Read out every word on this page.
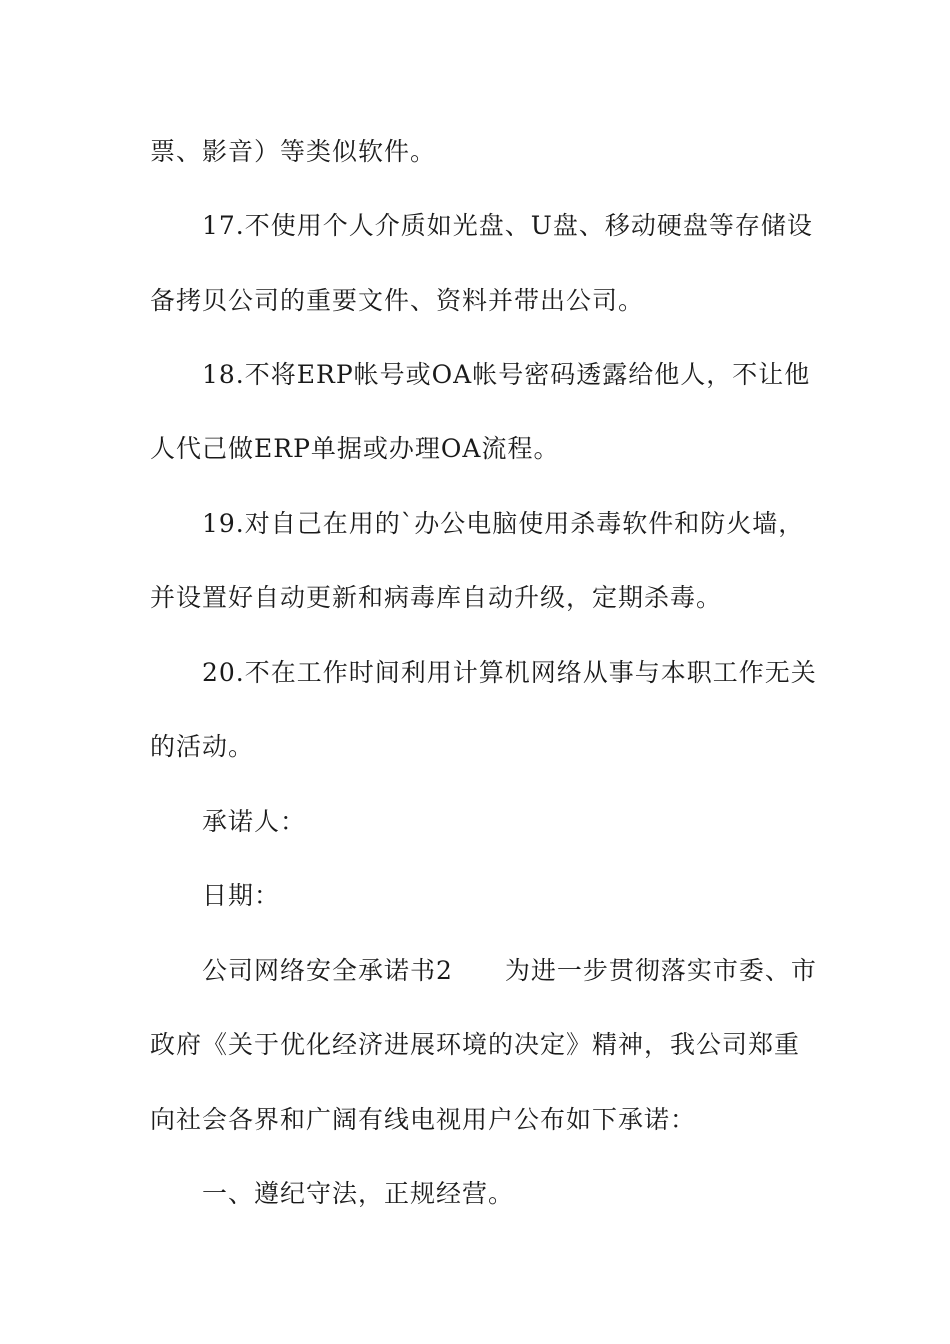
票、影音）等类似软件。
17.不使用个人介质如光盘、U盘、移动硬盘等存储设
备拷贝公司的重要文件、资料并带出公司。
18.不将ERP帐号或OA帐号密码透露给他人，不让他
人代己做ERP单据或办理OA流程。
19.对自己在用的`办公电脑使用杀毒软件和防火墙，
并设置好自动更新和病毒库自动升级，定期杀毒。
20.不在工作时间利用计算机网络从事与本职工作无关
的活动。
承诺人：
日期：
公司网络安全承诺书2　　为进一步贯彻落实市委、市
政府《关于优化经济进展环境的决定》精神，我公司郑重
向社会各界和广阔有线电视用户公布如下承诺：
一、遵纪守法，正规经营。
